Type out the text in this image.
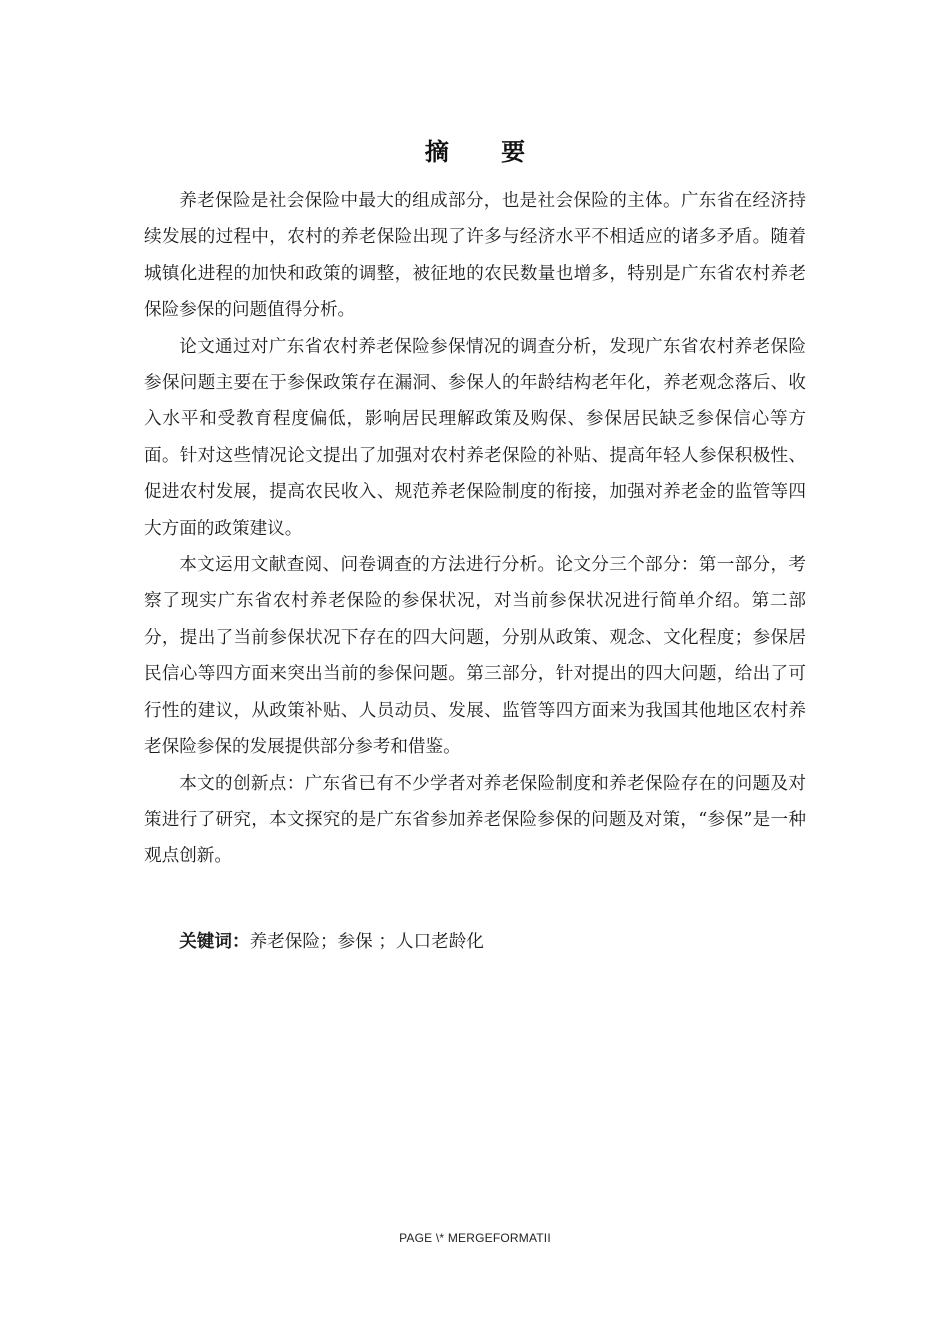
摘 要

养老保险是社会保险中最大的组成部分，也是社会保险的主体。广东省在经济持续发展的过程中，农村的养老保险出现了许多与经济水平不相适应的诸多矛盾。随着城镇化进程的加快和政策的调整，被征地的农民数量也增多，特别是广东省农村养老保险参保的问题值得分析。

论文通过对广东省农村养老保险参保情况的调查分析，发现广东省农村养老保险参保问题主要在于参保政策存在漏洞、参保人的年龄结构老年化，养老观念落后、收入水平和受教育程度偏低，影响居民理解政策及购保、参保居民缺乏参保信心等方面。针对这些情况论文提出了加强对农村养老保险的补贴、提高年轻人参保积极性、促进农村发展，提高农民收入、规范养老保险制度的衔接，加强对养老金的监管等四大方面的政策建议。

本文运用文献查阅、问卷调查的方法进行分析。论文分三个部分：第一部分，考察了现实广东省农村养老保险的参保状况，对当前参保状况进行简单介绍。第二部分，提出了当前参保状况下存在的四大问题，分别从政策、观念、文化程度；参保居民信心等四方面来突出当前的参保问题。第三部分，针对提出的四大问题，给出了可行性的建议，从政策补贴、人员动员、发展、监管等四方面来为我国其他地区农村养老保险参保的发展提供部分参考和借鉴。

本文的创新点：广东省已有不少学者对养老保险制度和养老保险存在的问题及对策进行了研究，本文探究的是广东省参加养老保险参保的问题及对策，“参保”是一种观点创新。

关键词：养老保险；参保 ；人口老龄化
PAGE \* MERGEFORMATII
